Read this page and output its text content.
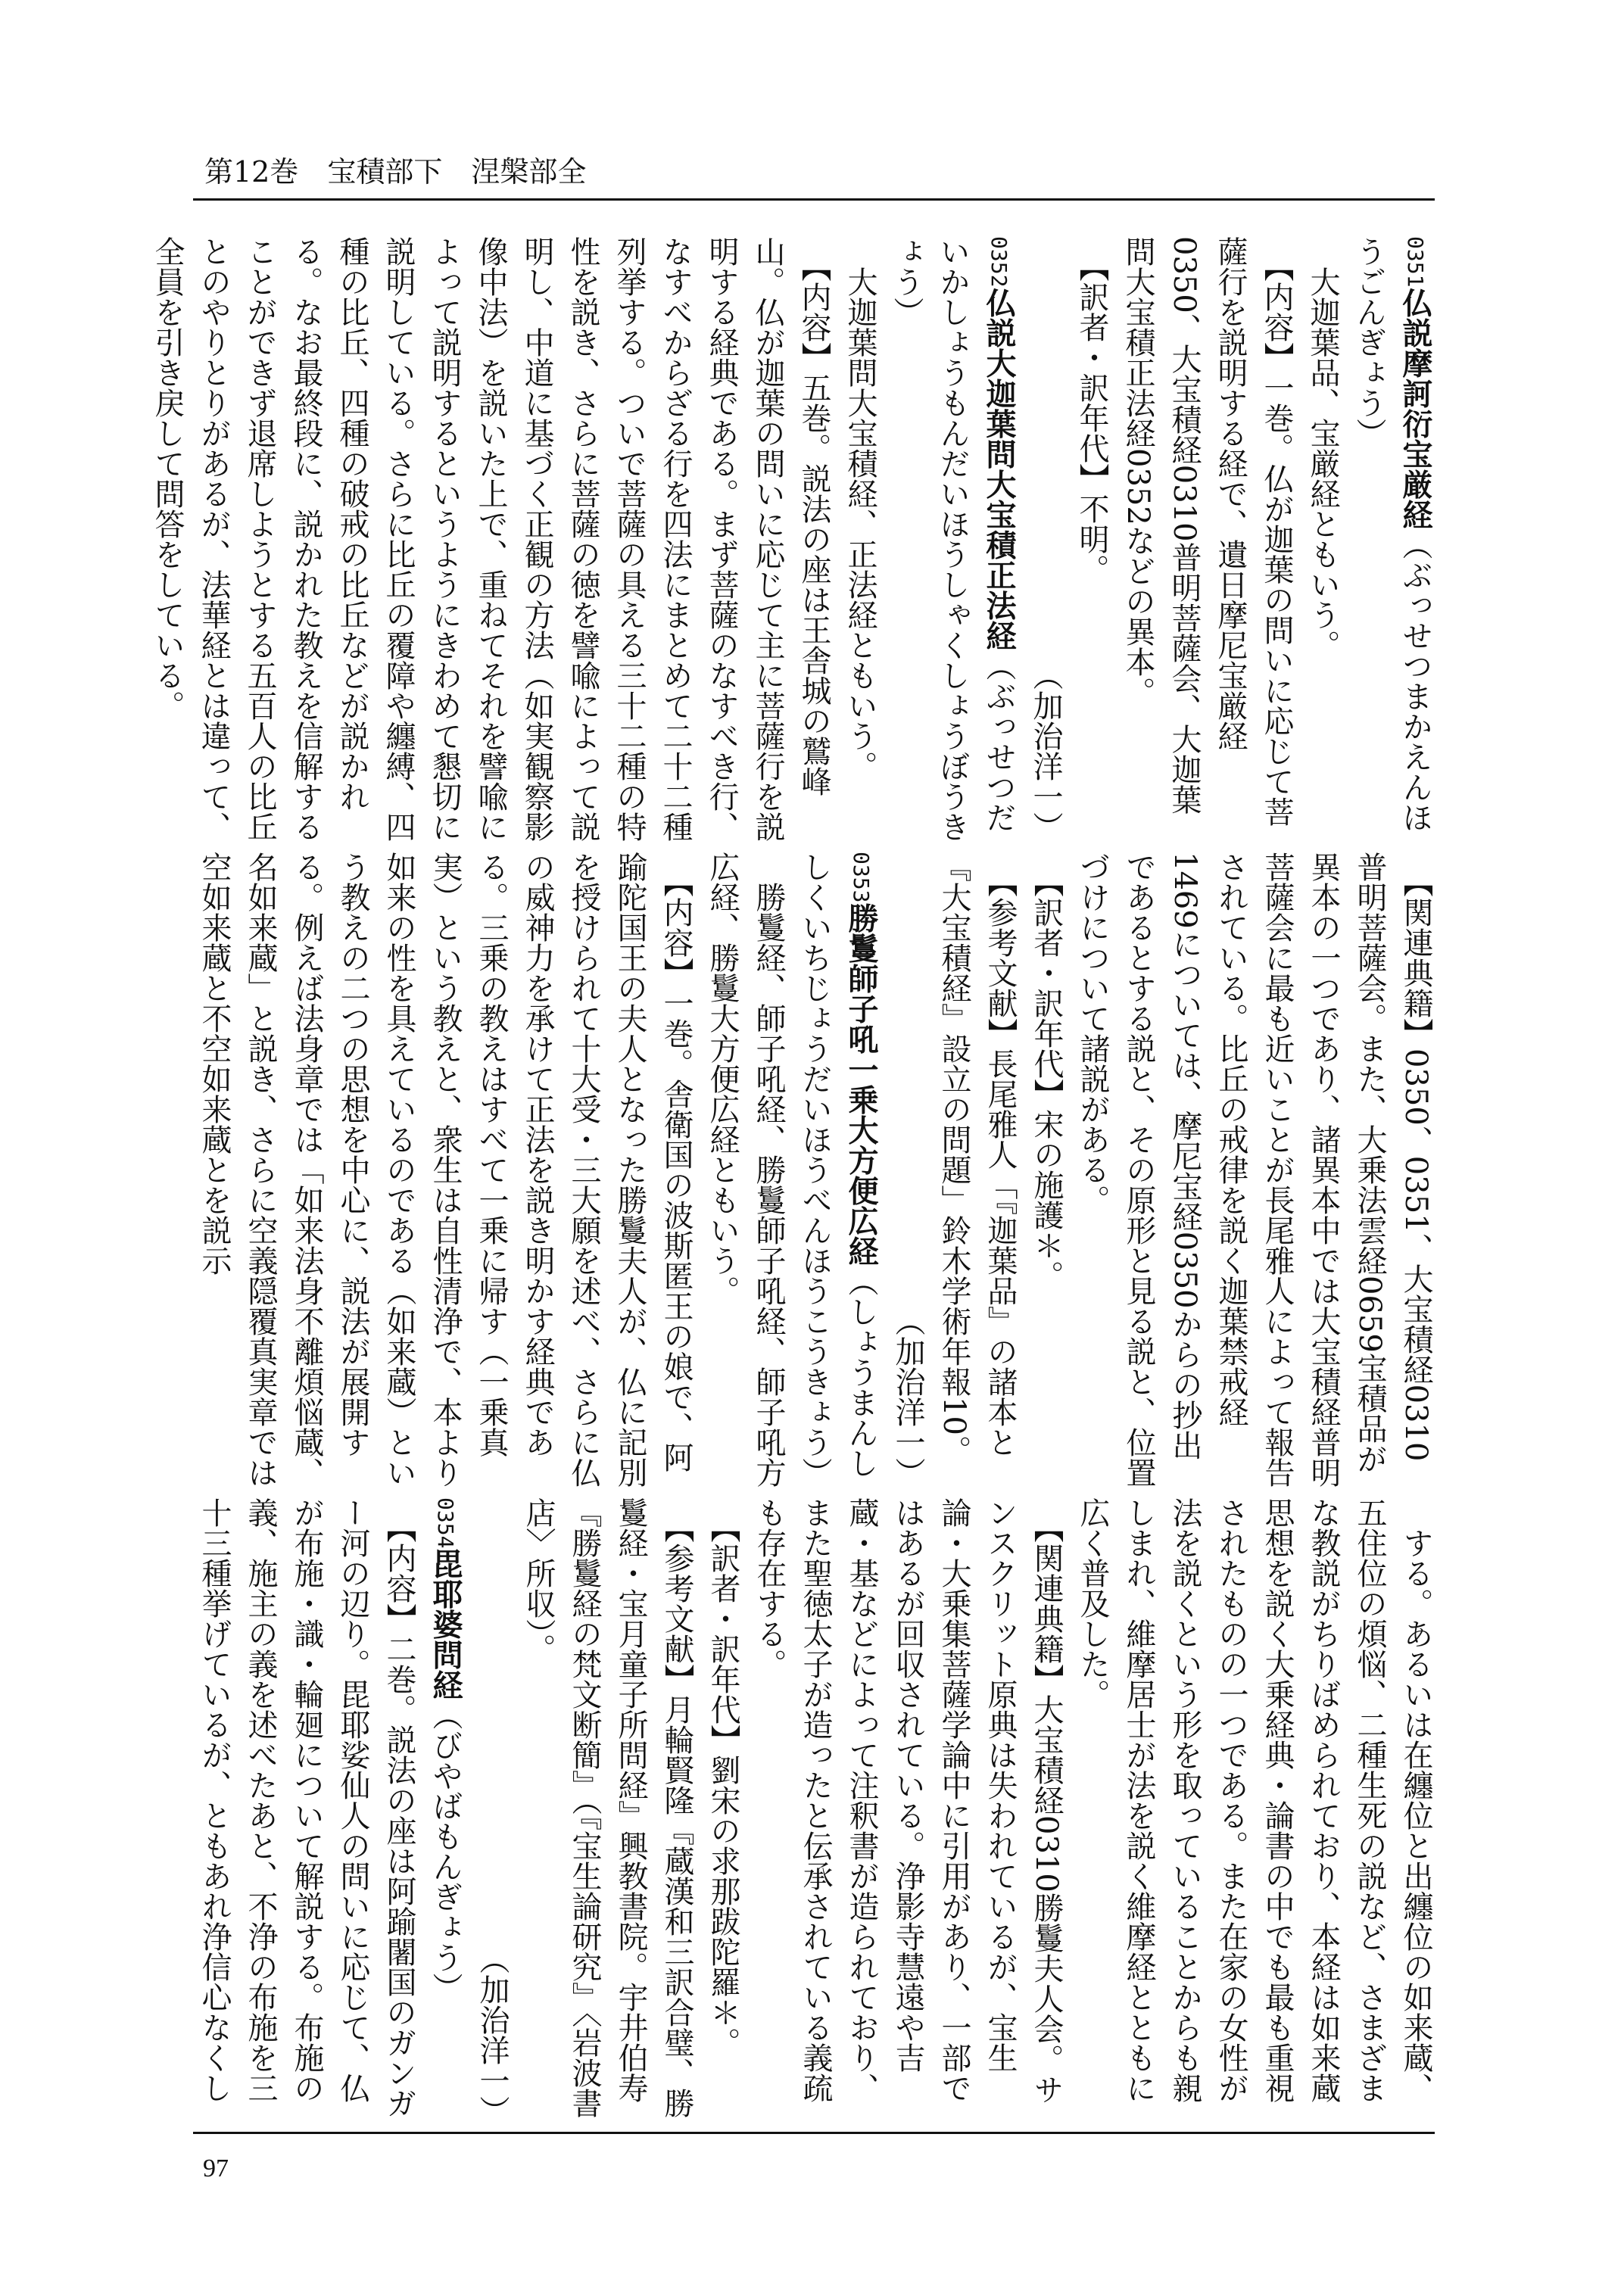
第12巻　宝積部下　涅槃部全
0351仏説摩訶衍宝厳経（ぶっせつまかえんほうごんぎょう）
　大迦葉品、宝厳経ともいう。
　【内容】一巻。仏が迦葉の問いに応じて菩薩行を説明する経で、遺日摩尼宝厳経0350、大宝積経0310普明菩薩会、大迦葉問大宝積正法経0352などの異本。
　【訳者・訳年代】不明。
（加治洋一）
0352仏説大迦葉問大宝積正法経（ぶっせつだいかしょうもんだいほうしゃくしょうぼうきょう）
　大迦葉問大宝積経、正法経ともいう。
　【内容】五巻。説法の座は王舎城の鷲峰山。仏が迦葉の問いに応じて主に菩薩行を説明する経典である。まず菩薩のなすべき行、なすべからざる行を四法にまとめて二十二種列挙する。ついで菩薩の具える三十二種の特性を説き、さらに菩薩の徳を譬喩によって説明し、中道に基づく正観の方法（如実観察影像中法）を説いた上で、重ねてそれを譬喩によって説明するというようにきわめて懇切に説明している。さらに比丘の覆障や纏縛、四種の比丘、四種の破戒の比丘などが説かれる。なお最終段に、説かれた教えを信解することができず退席しようとする五百人の比丘とのやりとりがあるが、法華経とは違って、全員を引き戻して問答をしている。
　【関連典籍】0350、0351、大宝積経0310普明菩薩会。また、大乗法雲経0659宝積品が異本の一つであり、諸異本中では大宝積経普明菩薩会に最も近いことが長尾雅人によって報告されている。比丘の戒律を説く迦葉禁戒経1469については、摩尼宝経0350からの抄出であるとする説と、その原形と見る説と、位置づけについて諸説がある。
　【訳者・訳年代】宋の施護＊。
　【参考文献】長尾雅人「『迦葉品』の諸本と『大宝積経』設立の問題」鈴木学術年報10。
（加治洋一）
0353勝鬘師子吼一乗大方便広経（しょうまんししくいちじょうだいほうべんほうこうきょう）
　勝鬘経、師子吼経、勝鬘師子吼経、師子吼方広経、勝鬘大方便広経ともいう。
　【内容】一巻。舎衛国の波斯匿王の娘で、阿踰陀国王の夫人となった勝鬘夫人が、仏に記別を授けられて十大受・三大願を述べ、さらに仏の威神力を承けて正法を説き明かす経典である。三乗の教えはすべて一乗に帰す（一乗真実）という教えと、衆生は自性清浄で、本より如来の性を具えているのである（如来蔵）という教えの二つの思想を中心に、説法が展開する。例えば法身章では「如来法身不離煩悩蔵、名如来蔵」と説き、さらに空義隠覆真実章では空如来蔵と不空如来蔵とを説示
　する。あるいは在纏位と出纏位の如来蔵、五住位の煩悩、二種生死の説など、さまざまな教説がちりばめられており、本経は如来蔵思想を説く大乗経典・論書の中でも最も重視されたものの一つである。また在家の女性が法を説くという形を取っていることからも親しまれ、維摩居士が法を説く維摩経とともに広く普及した。
　【関連典籍】大宝積経0310勝鬘夫人会。サンスクリット原典は失われているが、宝生論・大乗集菩薩学論中に引用があり、一部ではあるが回収されている。浄影寺慧遠や吉蔵・基などによって注釈書が造られており、また聖徳太子が造ったと伝承されている義疏も存在する。
　【訳者・訳年代】劉宋の求那跋陀羅＊。
　【参考文献】月輪賢隆『蔵漢和三訳合璧、勝鬘経・宝月童子所問経』興教書院。宇井伯寿『勝鬘経の梵文断簡』（『宝生論研究』〈岩波書店〉所収）。
（加治洋一）
0354毘耶婆問経（びやばもんぎょう）
　【内容】二巻。説法の座は阿踰闍国のガンガー河の辺り。毘耶娑仙人の問いに応じて、仏が布施・識・輪廻について解説する。布施の義、施主の義を述べたあと、不浄の布施を三十三種挙げているが、ともあれ浄信心なくし
97
